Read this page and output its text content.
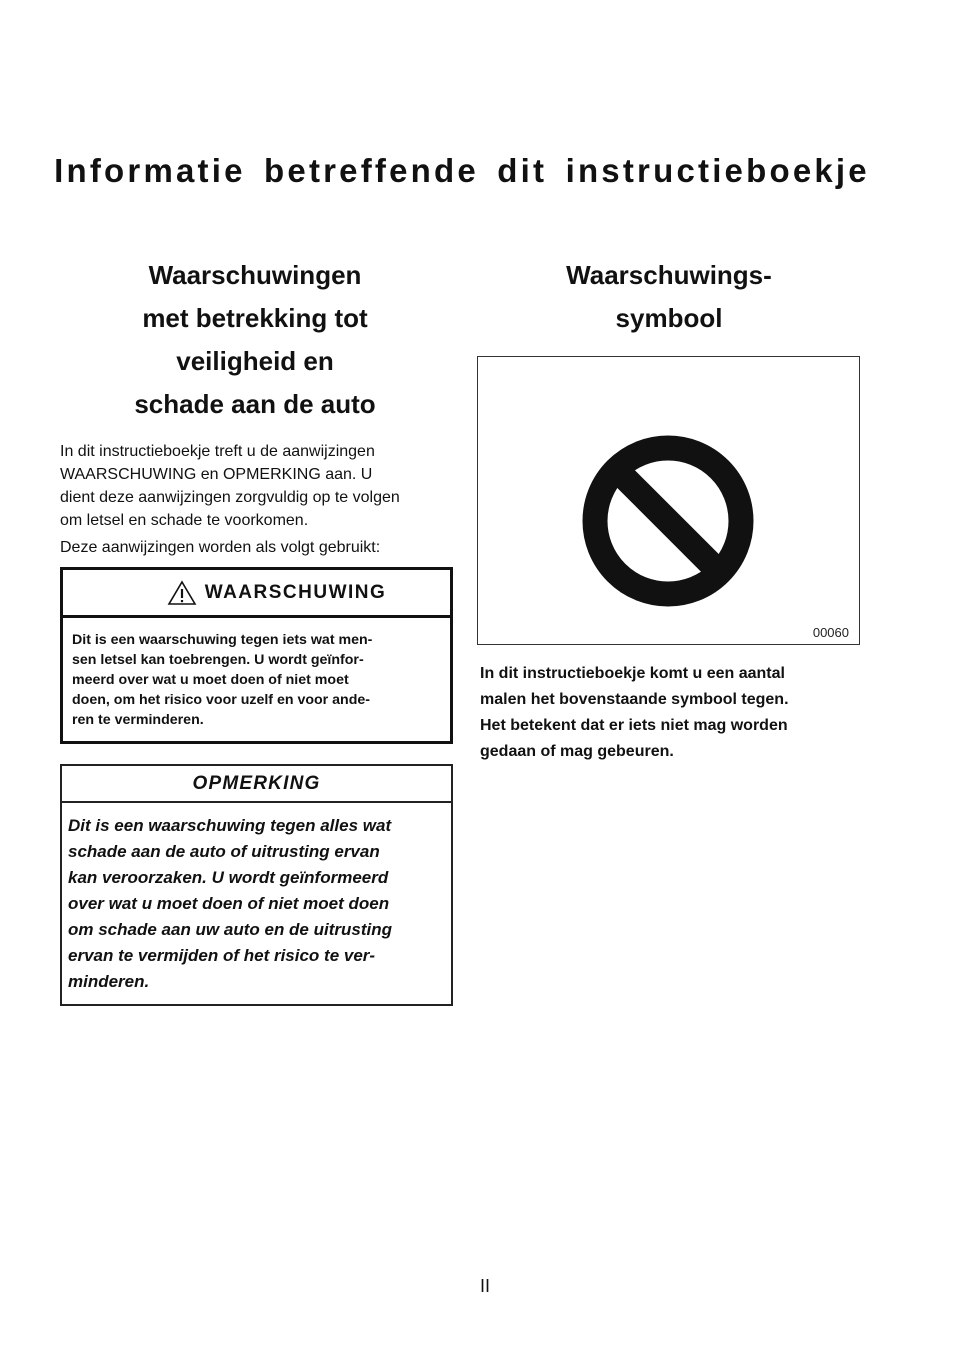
Informatie betreffende dit instructieboekje
Waarschuwingen
met betrekking tot
veiligheid en
schade aan de auto

In dit instructieboekje treft u de aanwijzingen
WAARSCHUWING en OPMERKING aan. U
dient deze aanwijzingen zorgvuldig op te volgen
om letsel en schade te voorkomen.

Deze aanwijzingen worden als volgt gebruikt:

WAARSCHUWING
Dit is een waarschuwing tegen iets wat men-
sen letsel kan toebrengen. U wordt geïnfor-
meerd over wat u moet doen of niet moet
doen, om het risico voor uzelf en voor ande-
ren te verminderen.
OPMERKING
Dit is een waarschuwing tegen alles wat
schade aan de auto of uitrusting ervan
kan veroorzaken. U wordt geïnformeerd
over wat u moet doen of niet moet doen
om schade aan uw auto en de uitrusting
ervan te vermijden of het risico te ver-
minderen.
Waarschuwings-
symbool
00060

In dit instructieboekje komt u een aantal
malen het bovenstaande symbool tegen.
Het betekent dat er iets niet mag worden
gedaan of mag gebeuren.

II
